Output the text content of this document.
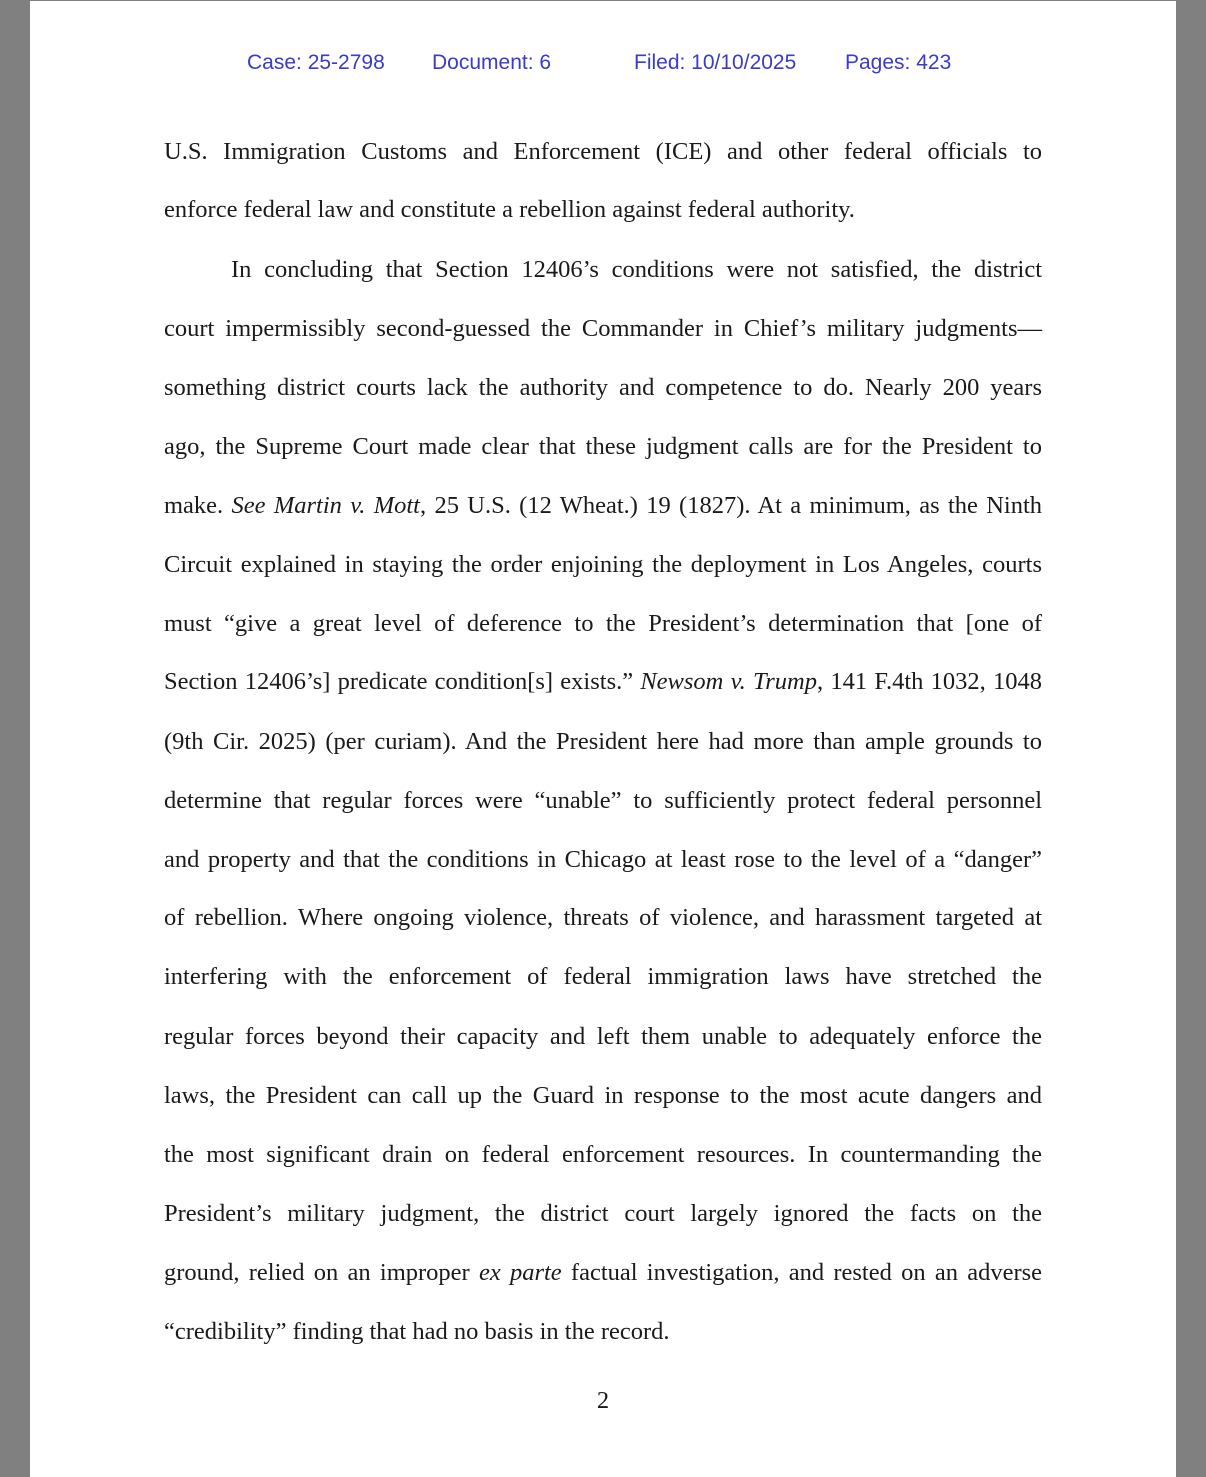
Case: 25-2798 Document: 6	Filed: 10/10/2025 Pages: 423
U.S. Immigration Customs and Enforcement (ICE) and other federal officials to
enforce federal law and constitute a rebellion against federal authority.
In concluding that Section 12406’s conditions were not satisfied, the district
court impermissibly second-guessed the Commander in Chief’s military judgments—
something district courts lack the authority and competence to do. Nearly 200 years
ago, the Supreme Court made clear that these judgment calls are for the President to
make. See Martin v. Mott, 25 U.S. (12 Wheat.) 19 (1827). At a minimum, as the Ninth
Circuit explained in staying the order enjoining the deployment in Los Angeles, courts
must “give a great level of deference to the President’s determination that [one of
Section 12406’s] predicate condition[s] exists.” Newsom v. Trump, 141 F.4th 1032, 1048
(9th Cir. 2025) (per curiam). And the President here had more than ample grounds to
determine that regular forces were “unable” to sufficiently protect federal personnel
and property and that the conditions in Chicago at least rose to the level of a “danger”
of rebellion. Where ongoing violence, threats of violence, and harassment targeted at
interfering with the enforcement of federal immigration laws have stretched the
regular forces beyond their capacity and left them unable to adequately enforce the
laws, the President can call up the Guard in response to the most acute dangers and
the most significant drain on federal enforcement resources. In countermanding the
President’s military judgment, the district court largely ignored the facts on the
ground, relied on an improper ex parte factual investigation, and rested on an adverse
“credibility” finding that had no basis in the record.
2
